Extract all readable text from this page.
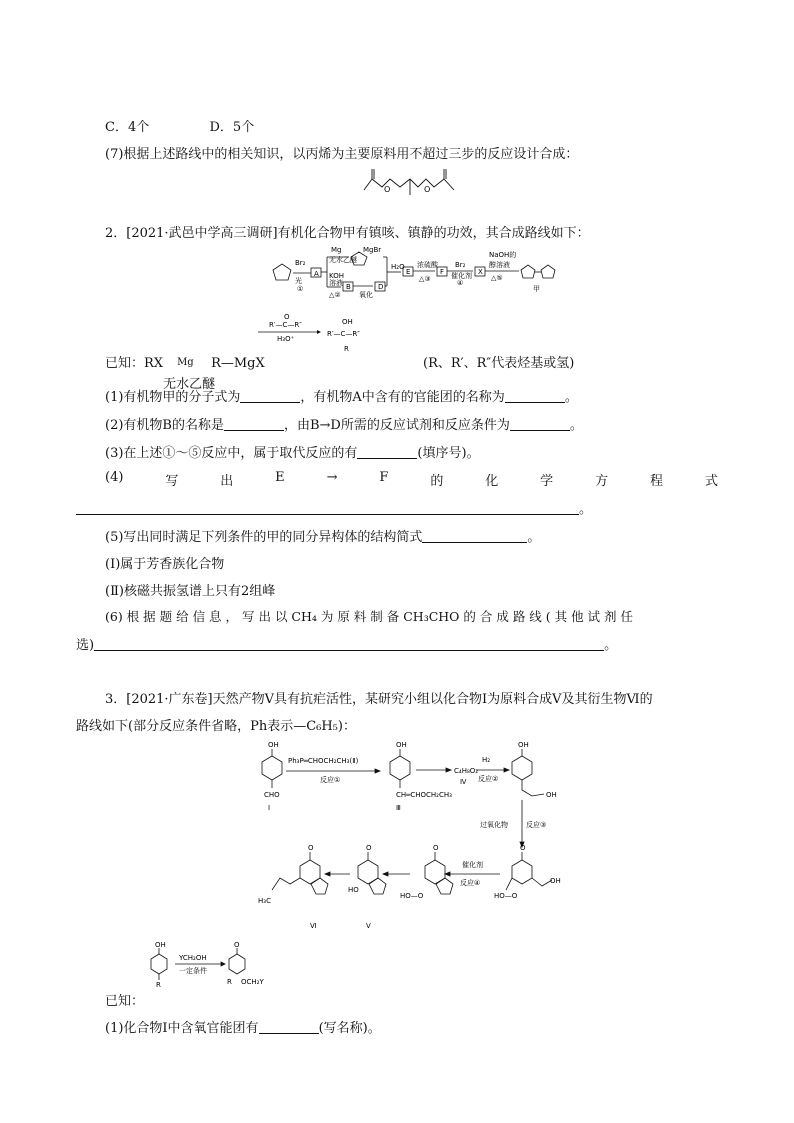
C．4个	D．5个
(7)根据上述路线中的相关知识，以丙烯为主要原料用不超过三步的反应设计合成：
O	O
2．[2021·武邑中学高三调研]有机化合物甲有镇咳、镇静的功效，其合成路线如下：
Br₂
光
①
A
Mg
无水乙醚
MgBr
KOH
溶液
△②
B
氧化
D
H₂O
E
浓硫酸
△③
F
Br₂
催化剂
④
X
NaOH的
醇溶液
△⑤
甲
R′—C—R″
O
H₃O⁺
R′—C—R″
OH
R
已知：RX Mg
无水乙醚
R—MgX	(R、R′、R″代表烃基或氢)
(1)有机物甲的分子式为	，有机物A中含有的官能团的名称为	。
(2)有机物B的名称是	，由B→D所需的反应试剂和反应条件为	。
(3)在上述①～⑤反应中，属于取代反应的有	(填序号)。
(4)	写	出	E	→	F	的	化	学	方	程	式
。
(5)写出同时满足下列条件的甲的同分异构体的结构简式	。
(Ⅰ)属于芳香族化合物
(Ⅱ)核磁共振氢谱上只有2组峰
(6) 根 据 题 给 信 息 ， 写 出 以 CH₄ 为 原 料 制 备 CH₃CHO 的 合 成 路 线 ( 其 他 试 剂 任
选)	。
3．[2021·广东卷]天然产物Ⅴ具有抗疟活性，某研究小组以化合物Ⅰ为原料合成Ⅴ及其衍生物Ⅵ的
路线如下(部分反应条件省略，Ph表示—C₆H₅)：
OH
CHO
Ⅰ
Ph₃P═CHOCH₂CH₃(Ⅱ)
反应①
OH
CH═CHOCH₂CH₃
Ⅲ
C₄H₈O₂
Ⅳ
H₂
反应②
OH
OH
过氧化物	反应③
O
OH
HO—O
催化剂
反应④
O
HO—O
O
HO
O
H₃C
Ⅵ	Ⅴ
OH
R
YCH₂OH
一定条件
O
R OCH₂Y
已知：
(1)化合物Ⅰ中含氧官能团有	(写名称)。
